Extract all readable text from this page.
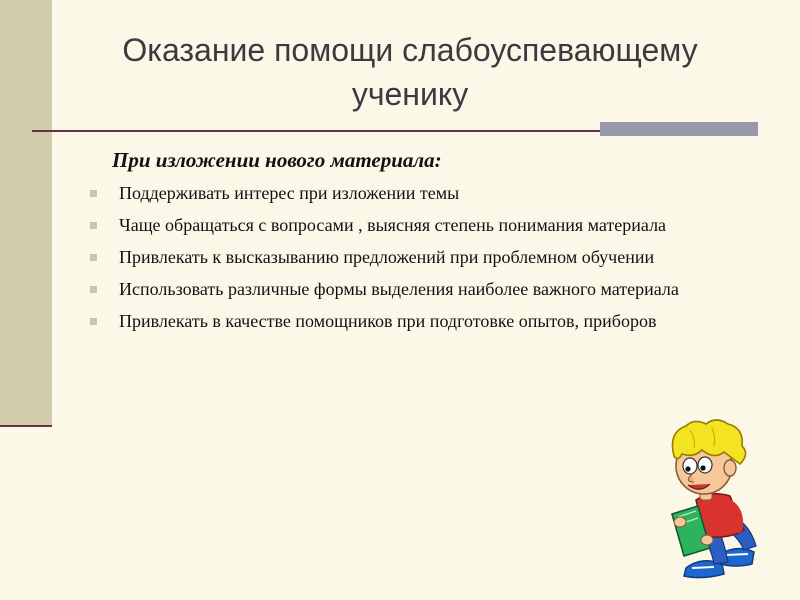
Оказание помощи слабоуспевающему ученику

При изложении нового материала:

Поддерживать интерес при изложении темы
Чаще обращаться с вопросами , выясняя степень понимания материала
Привлекать к высказыванию предложений при проблемном обучении
Использовать различные формы выделения наиболее важного материала
Привлекать в качестве помощников при подготовке опытов, приборов
